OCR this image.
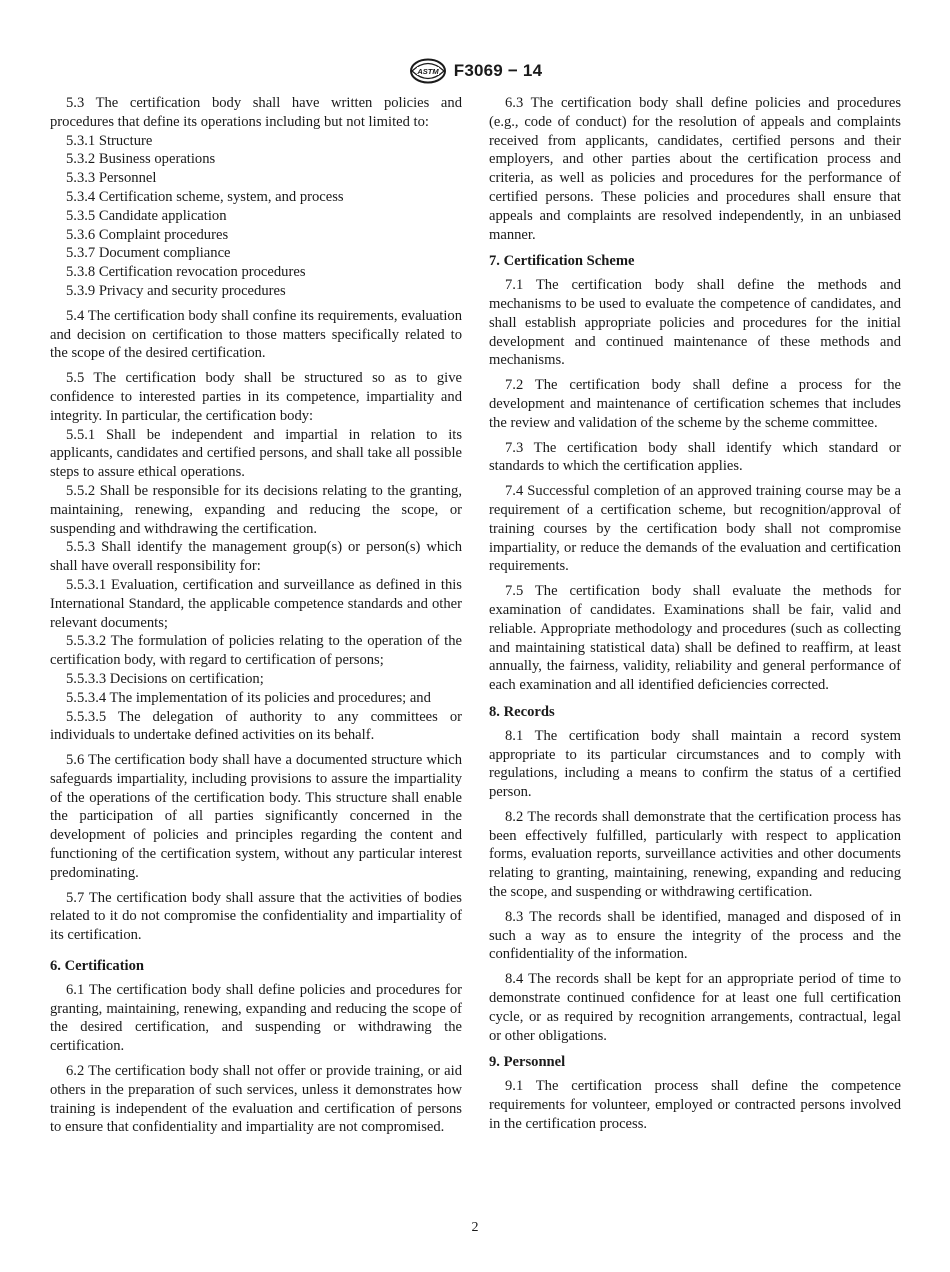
ASTM F3069 − 14

5.3 The certification body shall have written policies and procedures that define its operations including but not limited to:

5.3.1 Structure
5.3.2 Business operations
5.3.3 Personnel
5.3.4 Certification scheme, system, and process
5.3.5 Candidate application
5.3.6 Complaint procedures
5.3.7 Document compliance
5.3.8 Certification revocation procedures
5.3.9 Privacy and security procedures

5.4 The certification body shall confine its requirements, evaluation and decision on certification to those matters specifically related to the scope of the desired certification.

5.5 The certification body shall be structured so as to give confidence to interested parties in its competence, impartiality and integrity. In particular, the certification body:

5.5.1 Shall be independent and impartial in relation to its applicants, candidates and certified persons, and shall take all possible steps to assure ethical operations.

5.5.2 Shall be responsible for its decisions relating to the granting, maintaining, renewing, expanding and reducing the scope, or suspending and withdrawing the certification.

5.5.3 Shall identify the management group(s) or person(s) which shall have overall responsibility for:

5.5.3.1 Evaluation, certification and surveillance as defined in this International Standard, the applicable competence standards and other relevant documents;

5.5.3.2 The formulation of policies relating to the operation of the certification body, with regard to certification of persons;

5.5.3.3 Decisions on certification;

5.5.3.4 The implementation of its policies and procedures; and

5.5.3.5 The delegation of authority to any committees or individuals to undertake defined activities on its behalf.

5.6 The certification body shall have a documented structure which safeguards impartiality, including provisions to assure the impartiality of the operations of the certification body. This structure shall enable the participation of all parties significantly concerned in the development of policies and principles regarding the content and functioning of the certification system, without any particular interest predominating.

5.7 The certification body shall assure that the activities of bodies related to it do not compromise the confidentiality and impartiality of its certification.

6. Certification

6.1 The certification body shall define policies and procedures for granting, maintaining, renewing, expanding and reducing the scope of the desired certification, and suspending or withdrawing the certification.

6.2 The certification body shall not offer or provide training, or aid others in the preparation of such services, unless it demonstrates how training is independent of the evaluation and certification of persons to ensure that confidentiality and impartiality are not compromised.

6.3 The certification body shall define policies and procedures (e.g., code of conduct) for the resolution of appeals and complaints received from applicants, candidates, certified persons and their employers, and other parties about the certification process and criteria, as well as policies and procedures for the performance of certified persons. These policies and procedures shall ensure that appeals and complaints are resolved independently, in an unbiased manner.

7. Certification Scheme

7.1 The certification body shall define the methods and mechanisms to be used to evaluate the competence of candidates, and shall establish appropriate policies and procedures for the initial development and continued maintenance of these methods and mechanisms.

7.2 The certification body shall define a process for the development and maintenance of certification schemes that includes the review and validation of the scheme by the scheme committee.

7.3 The certification body shall identify which standard or standards to which the certification applies.

7.4 Successful completion of an approved training course may be a requirement of a certification scheme, but recognition/approval of training courses by the certification body shall not compromise impartiality, or reduce the demands of the evaluation and certification requirements.

7.5 The certification body shall evaluate the methods for examination of candidates. Examinations shall be fair, valid and reliable. Appropriate methodology and procedures (such as collecting and maintaining statistical data) shall be defined to reaffirm, at least annually, the fairness, validity, reliability and general performance of each examination and all identified deficiencies corrected.

8. Records

8.1 The certification body shall maintain a record system appropriate to its particular circumstances and to comply with regulations, including a means to confirm the status of a certified person.

8.2 The records shall demonstrate that the certification process has been effectively fulfilled, particularly with respect to application forms, evaluation reports, surveillance activities and other documents relating to granting, maintaining, renewing, expanding and reducing the scope, and suspending or withdrawing certification.

8.3 The records shall be identified, managed and disposed of in such a way as to ensure the integrity of the process and the confidentiality of the information.

8.4 The records shall be kept for an appropriate period of time to demonstrate continued confidence for at least one full certification cycle, or as required by recognition arrangements, contractual, legal or other obligations.

9. Personnel

9.1 The certification process shall define the competence requirements for volunteer, employed or contracted persons involved in the certification process.

2
